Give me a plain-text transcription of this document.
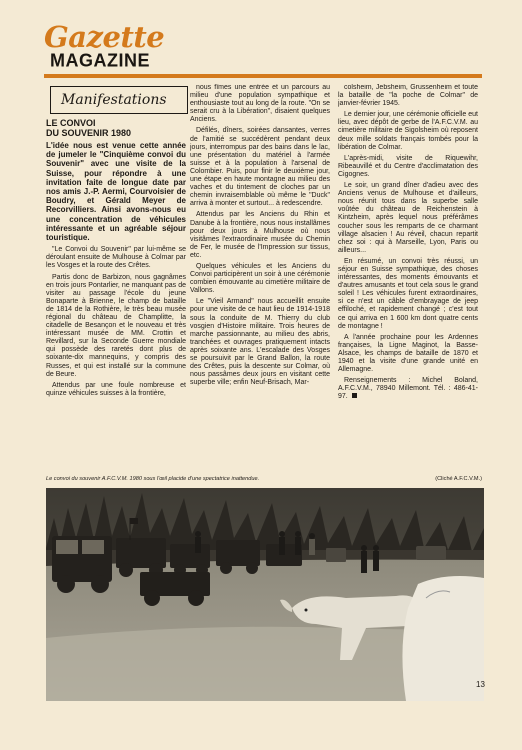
Gazette
MAGAZINE
Manifestations

LE CONVOI
DU SOUVENIR 1980

L'idée nous est venue cette année de jumeler le "Cinquième convoi du Souvenir" avec une visite de la Suisse, pour répondre à une invitation faite de longue date par nos amis J.-P. Aermi, Courvoisier de Boudry, et Gérald Meyer de Recorvilliers. Ainsi avons-nous eu une concentration de véhicules intéressante et un agréable séjour touristique.

"Le Convoi du Souvenir" par lui-même se déroulant ensuite de Mulhouse à Colmar par les Vosges et la route des Crêtes.

Partis donc de Barbizon, nous gagnâmes en trois jours Pontarlier, ne manquant pas de visiter au passage l'école du jeune Bonaparte à Brienne, le champ de bataille de 1814 de la Rothière, le très beau musée régional du château de Champlitte, la citadelle de Besançon et le nouveau et très intéressant musée de MM. Crottin et Revillard, sur la Seconde Guerre mondiale qui possède des raretés dont plus de soixante-dix mannequins, y compris des Russes, et qui est installé sur la commune de Beure.

Attendus par une foule nombreuse et quinze véhicules suisses à la frontière,

nous fîmes une entrée et un parcours au milieu d'une population sympathique et enthousiaste tout au long de la route. "On se serait cru à la Libération", disaient quelques Anciens.

Défilés, dîners, soirées dansantes, verres de l'amitié se succédèrent pendant deux jours, interrompus par des bains dans le lac, une présentation du matériel à l'armée suisse et à la population à l'arsenal de Colombier. Puis, pour finir le deuxième jour, une étape en haute montagne au milieu des vaches et du tintement de cloches par un chemin invraisemblable où même le "Duck" arriva à monter et surtout... à redescendre.

Attendus par les Anciens du Rhin et Danube à la frontière, nous nous installâmes pour deux jours à Mulhouse où nous visitâmes l'extraordinaire musée du Chemin de Fer, le musée de l'Impression sur tissus, etc.

Quelques véhicules et les Anciens du Convoi participèrent un soir à une cérémonie combien émouvante au cimetière militaire de Vallons.

Le "Vieil Armand" nous accueillit ensuite pour une visite de ce haut lieu de 1914-1918 sous la conduite de M. Thierry du club vosgien d'Histoire militaire. Trois heures de marche passionnante, au milieu des abris, tranchées et ouvrages pratiquement intacts après soixante ans. L'escalade des Vosges se poursuivit par le Grand Ballon, la route des Crêtes, puis la descente sur Colmar, où nous passâmes deux jours en visitant cette superbe ville; enfin Neuf-Brisach, Mar-

colsheim, Jebsheim, Grussenheim et toute la bataille de "la poche de Colmar" de janvier-février 1945.

Le dernier jour, une cérémonie officielle eut lieu, avec dépôt de gerbe de l'A.F.C.V.M. au cimetière militaire de Sigolsheim où reposent deux mille soldats français tombés pour la libération de Colmar.

L'après-midi, visite de Riquewihr, Ribeauvillé et du Centre d'acclimatation des Cigognes.

Le soir, un grand dîner d'adieu avec des Anciens venus de Mulhouse et d'ailleurs, nous réunit tous dans la superbe salle voûtée du château de Reichenstein à Kintzheim, après lequel nous préférâmes coucher sous les remparts de ce charmant village alsacien ! Au réveil, chacun repartit chez soi : qui à Marseille, Lyon, Paris ou ailleurs...

En résumé, un convoi très réussi, un séjour en Suisse sympathique, des choses intéressantes, des moments émouvants et d'autres amusants et tout cela sous le grand soleil ! Les véhicules furent extraordinaires, si ce n'est un câble d'embrayage de jeep effiloché, et rapidement changé ; c'est tout ce qui arriva en 1 600 km dont quatre cents de montagne !

A l'année prochaine pour les Ardennes françaises, la Ligne Maginot, la Basse-Alsace, les champs de bataille de 1870 et 1940 et la visite d'une grande unité en Allemagne.

Renseignements : Michel Boland, A.F.C.V.M., 78940 Millemont. Tél. : 486-41-97.

Le convoi du souvenir A.F.C.V.M. 1980 sous l'œil placide d'une spectatrice inattendue.	(Cliché A.F.C.V.M.)
13
